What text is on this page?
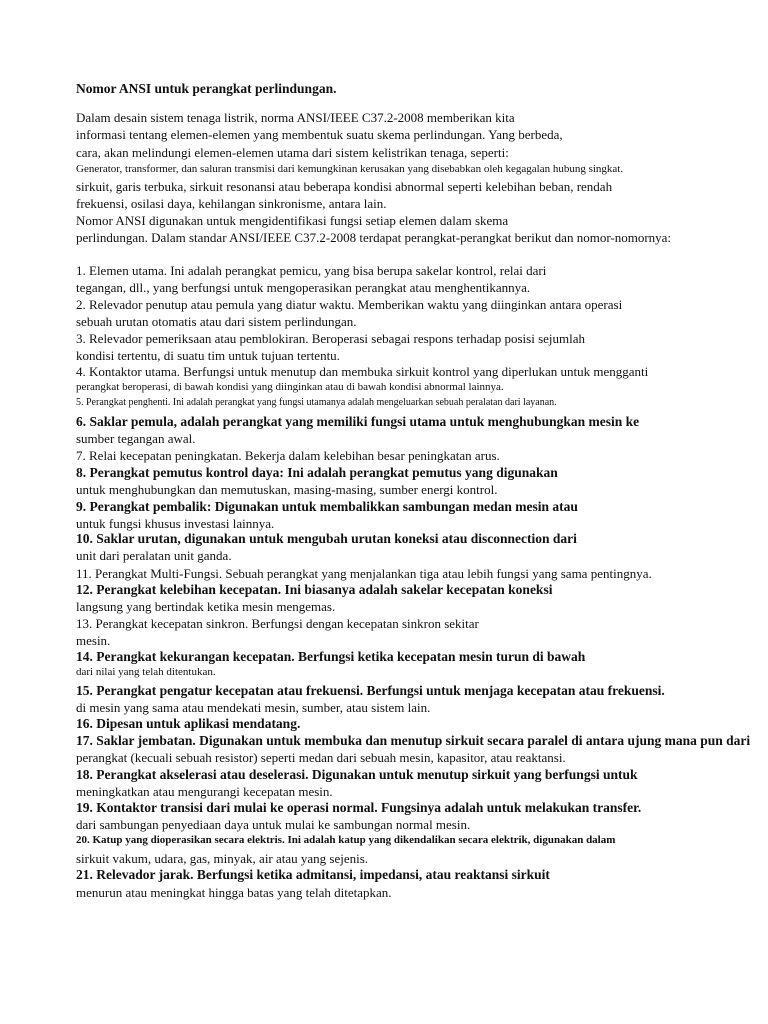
Nomor ANSI untuk perangkat perlindungan.
Dalam desain sistem tenaga listrik, norma ANSI/IEEE C37.2-2008 memberikan kita
informasi tentang elemen-elemen yang membentuk suatu skema perlindungan. Yang berbeda,
cara, akan melindungi elemen-elemen utama dari sistem kelistrikan tenaga, seperti:
Generator, transformer, dan saluran transmisi dari kemungkinan kerusakan yang disebabkan oleh kegagalan hubung singkat.
sirkuit, garis terbuka, sirkuit resonansi atau beberapa kondisi abnormal seperti kelebihan beban, rendah
frekuensi, osilasi daya, kehilangan sinkronisme, antara lain.
Nomor ANSI digunakan untuk mengidentifikasi fungsi setiap elemen dalam skema
perlindungan. Dalam standar ANSI/IEEE C37.2-2008 terdapat perangkat-perangkat berikut dan nomor-nomornya:
1. Elemen utama. Ini adalah perangkat pemicu, yang bisa berupa sakelar kontrol, relai dari
tegangan, dll., yang berfungsi untuk mengoperasikan perangkat atau menghentikannya.
2. Relevador penutup atau pemula yang diatur waktu. Memberikan waktu yang diinginkan antara operasi
sebuah urutan otomatis atau dari sistem perlindungan.
3. Relevador pemeriksaan atau pemblokiran. Beroperasi sebagai respons terhadap posisi sejumlah
kondisi tertentu, di suatu tim untuk tujuan tertentu.
4. Kontaktor utama. Berfungsi untuk menutup dan membuka sirkuit kontrol yang diperlukan untuk mengganti
perangkat beroperasi, di bawah kondisi yang diinginkan atau di bawah kondisi abnormal lainnya.
5. Perangkat penghenti. Ini adalah perangkat yang fungsi utamanya adalah mengeluarkan sebuah peralatan dari layanan.
6. Saklar pemula, adalah perangkat yang memiliki fungsi utama untuk menghubungkan mesin ke
sumber tegangan awal.
7. Relai kecepatan peningkatan. Bekerja dalam kelebihan besar peningkatan arus.
8. Perangkat pemutus kontrol daya: Ini adalah perangkat pemutus yang digunakan
untuk menghubungkan dan memutuskan, masing-masing, sumber energi kontrol.
9. Perangkat pembalik: Digunakan untuk membalikkan sambungan medan mesin atau
untuk fungsi khusus investasi lainnya.
10. Saklar urutan, digunakan untuk mengubah urutan koneksi atau disconnection dari
unit dari peralatan unit ganda.
11. Perangkat Multi-Fungsi. Sebuah perangkat yang menjalankan tiga atau lebih fungsi yang sama pentingnya.
12. Perangkat kelebihan kecepatan. Ini biasanya adalah sakelar kecepatan koneksi
langsung yang bertindak ketika mesin mengemas.
13. Perangkat kecepatan sinkron. Berfungsi dengan kecepatan sinkron sekitar
mesin.
14. Perangkat kekurangan kecepatan. Berfungsi ketika kecepatan mesin turun di bawah
dari nilai yang telah ditentukan.
15. Perangkat pengatur kecepatan atau frekuensi. Berfungsi untuk menjaga kecepatan atau frekuensi.
di mesin yang sama atau mendekati mesin, sumber, atau sistem lain.
16. Dipesan untuk aplikasi mendatang.
17. Saklar jembatan. Digunakan untuk membuka dan menutup sirkuit secara paralel di antara ujung mana pun dari
perangkat (kecuali sebuah resistor) seperti medan dari sebuah mesin, kapasitor, atau reaktansi.
18. Perangkat akselerasi atau deselerasi. Digunakan untuk menutup sirkuit yang berfungsi untuk
meningkatkan atau mengurangi kecepatan mesin.
19. Kontaktor transisi dari mulai ke operasi normal. Fungsinya adalah untuk melakukan transfer.
dari sambungan penyediaan daya untuk mulai ke sambungan normal mesin.
20. Katup yang dioperasikan secara elektris. Ini adalah katup yang dikendalikan secara elektrik, digunakan dalam
sirkuit vakum, udara, gas, minyak, air atau yang sejenis.
21. Relevador jarak. Berfungsi ketika admitansi, impedansi, atau reaktansi sirkuit
menurun atau meningkat hingga batas yang telah ditetapkan.
